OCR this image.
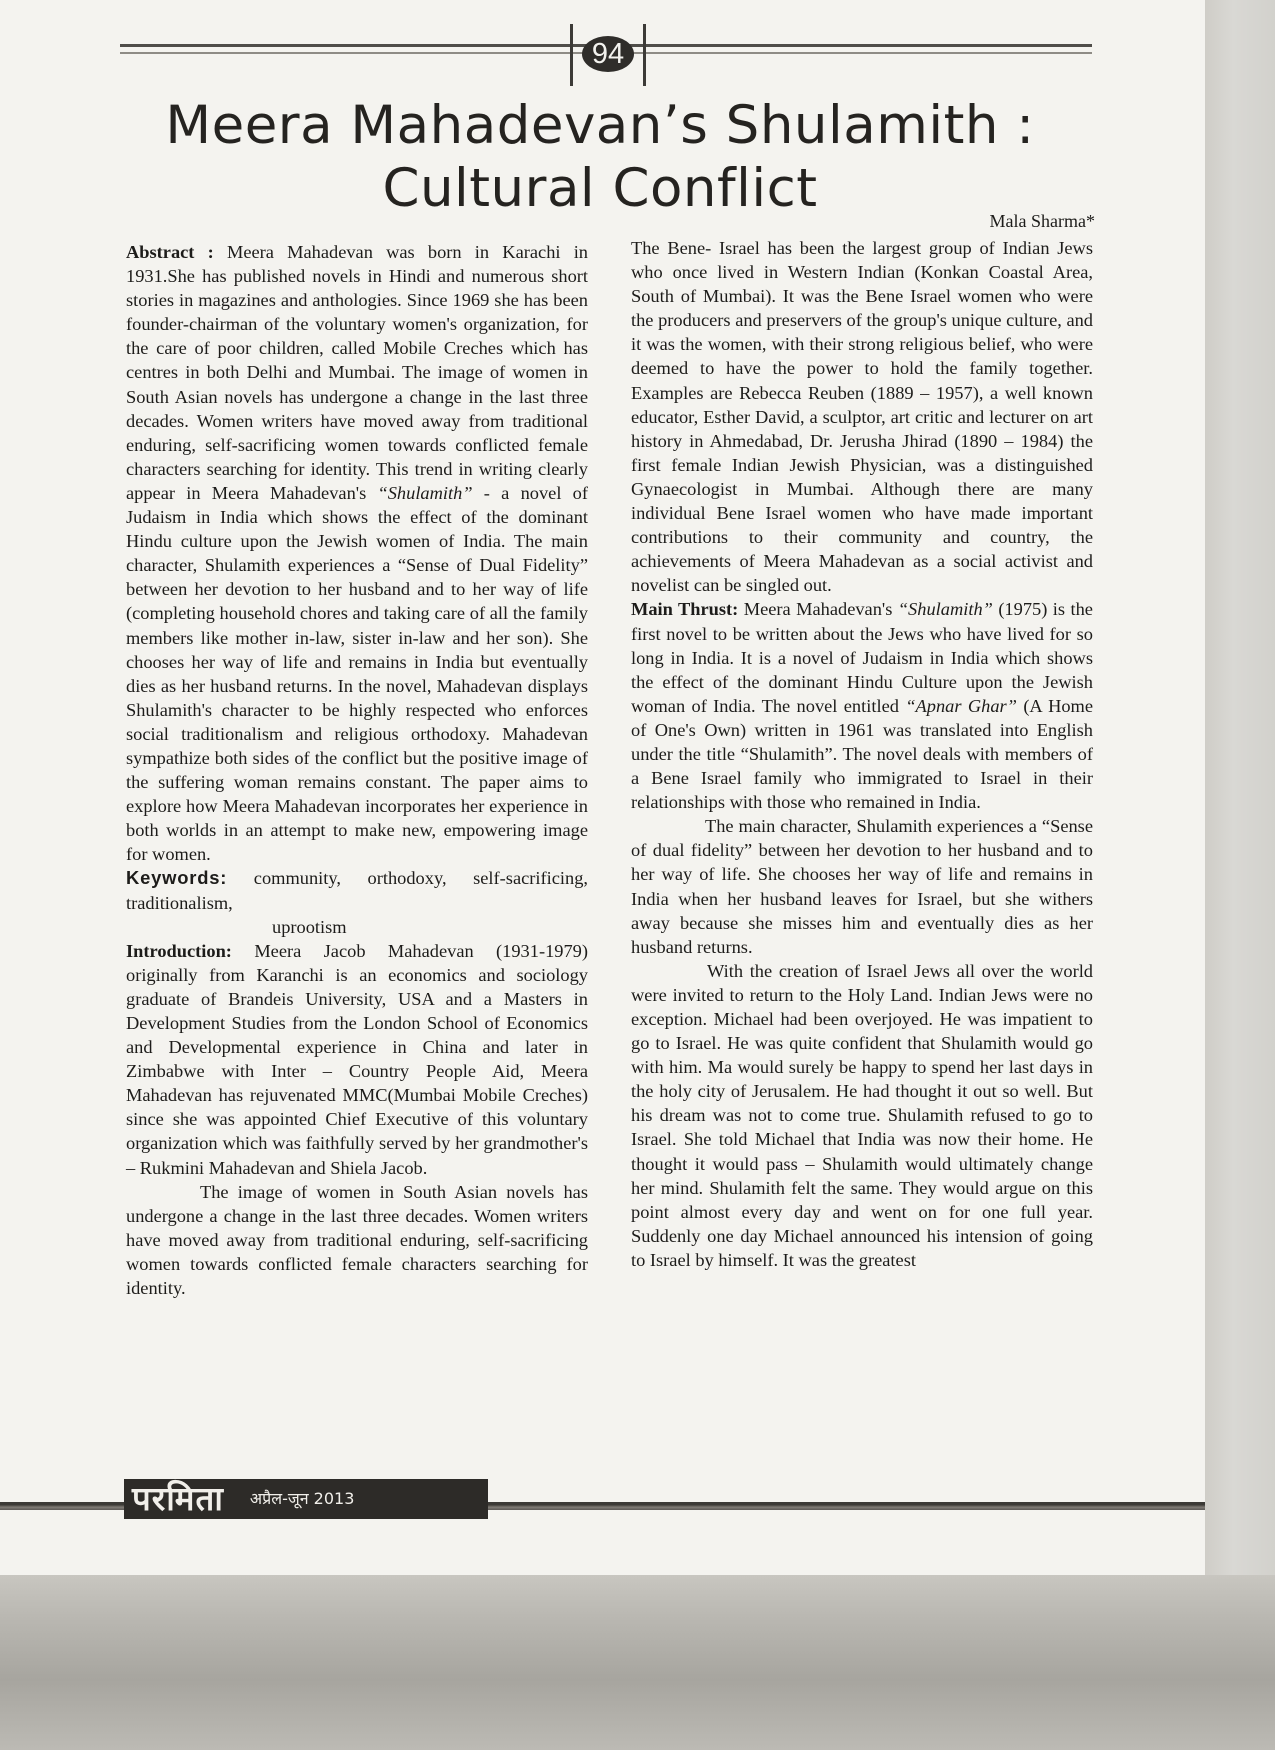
94
Meera Mahadevan’s Shulamith :
Cultural Conflict
Mala Sharma*

Abstract : Meera Mahadevan was born in Karachi in 1931.She has published novels in Hindi and numerous short stories in magazines and anthologies. Since 1969 she has been founder-chairman of the voluntary women's organization, for the care of poor children, called Mobile Creches which has centres in both Delhi and Mumbai. The image of women in South Asian novels has undergone a change in the last three decades. Women writers have moved away from traditional enduring, self-sacrificing women towards conflicted female characters searching for identity. This trend in writing clearly appear in Meera Mahadevan's “Shulamith” - a novel of Judaism in India which shows the effect of the dominant Hindu culture upon the Jewish women of India. The main character, Shulamith experiences a “Sense of Dual Fidelity” between her devotion to her husband and to her way of life (completing household chores and taking care of all the family members like mother in-law, sister in-law and her son). She chooses her way of life and remains in India but eventually dies as her husband returns. In the novel, Mahadevan displays Shulamith's character to be highly respected who enforces social traditionalism and religious orthodoxy. Mahadevan sympathize both sides of the conflict but the positive image of the suffering woman remains constant. The paper aims to explore how Meera Mahadevan incorporates her experience in both worlds in an attempt to make new, empowering image for women.

Keywords: community, orthodoxy, self-sacrificing, traditionalism,

uprootism

Introduction: Meera Jacob Mahadevan (1931-1979) originally from Karanchi is an economics and sociology graduate of Brandeis University, USA and a Masters in Development Studies from the London School of Economics and Developmental experience in China and later in Zimbabwe with Inter – Country People Aid, Meera Mahadevan has rejuvenated MMC(Mumbai Mobile Creches) since she was appointed Chief Executive of this voluntary organization which was faithfully served by her grandmother's – Rukmini Mahadevan and Shiela Jacob.

The image of women in South Asian novels has undergone a change in the last three decades. Women writers have moved away from traditional enduring, self-sacrificing women towards conflicted female characters searching for identity.

The Bene- Israel has been the largest group of Indian Jews who once lived in Western Indian (Konkan Coastal Area, South of Mumbai). It was the Bene Israel women who were the producers and preservers of the group's unique culture, and it was the women, with their strong religious belief, who were deemed to have the power to hold the family together. Examples are Rebecca Reuben (1889 – 1957), a well known educator, Esther David, a sculptor, art critic and lecturer on art history in Ahmedabad, Dr. Jerusha Jhirad (1890 – 1984) the first female Indian Jewish Physician, was a distinguished Gynaecologist in Mumbai. Although there are many individual Bene Israel women who have made important contributions to their community and country, the achievements of Meera Mahadevan as a social activist and novelist can be singled out.

Main Thrust: Meera Mahadevan's “Shulamith” (1975) is the first novel to be written about the Jews who have lived for so long in India. It is a novel of Judaism in India which shows the effect of the dominant Hindu Culture upon the Jewish woman of India. The novel entitled “Apnar Ghar” (A Home of One's Own) written in 1961 was translated into English under the title “Shulamith”. The novel deals with members of a Bene Israel family who immigrated to Israel in their relationships with those who remained in India.

The main character, Shulamith experiences a “Sense of dual fidelity” between her devotion to her husband and to her way of life. She chooses her way of life and remains in India when her husband leaves for Israel, but she withers away because she misses him and eventually dies as her husband returns.

With the creation of Israel Jews all over the world were invited to return to the Holy Land. Indian Jews were no exception. Michael had been overjoyed. He was impatient to go to Israel. He was quite confident that Shulamith would go with him. Ma would surely be happy to spend her last days in the holy city of Jerusalem. He had thought it out so well. But his dream was not to come true. Shulamith refused to go to Israel. She told Michael that India was now their home. He thought it would pass – Shulamith would ultimately change her mind. Shulamith felt the same. They would argue on this point almost every day and went on for one full year. Suddenly one day Michael announced his intension of going to Israel by himself. It was the greatest

परमिता अप्रैल-जून 2013
